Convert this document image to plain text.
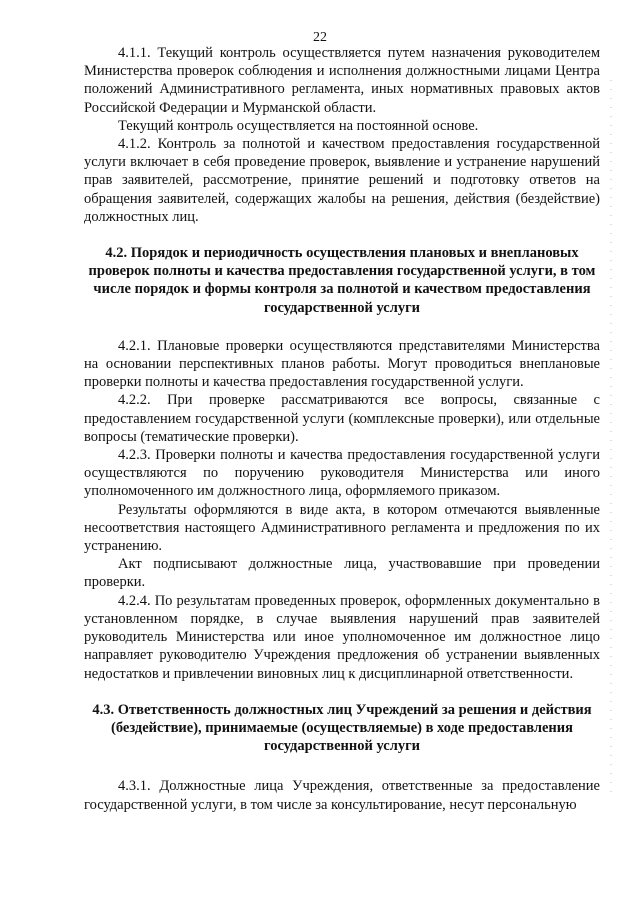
22

4.1.1. Текущий контроль осуществляется путем назначения руководителем Министерства проверок соблюдения и исполнения должностными лицами Центра положений Административного регламента, иных нормативных правовых актов Российской Федерации и Мурманской области.

Текущий контроль осуществляется на постоянной основе.

4.1.2. Контроль за полнотой и качеством предоставления государственной услуги включает в себя проведение проверок, выявление и устранение нарушений прав заявителей, рассмотрение, принятие решений и подготовку ответов на обращения заявителей, содержащих жалобы на решения, действия (бездействие) должностных лиц.

4.2. Порядок и периодичность осуществления плановых и внеплановых проверок полноты и качества предоставления государственной услуги, в том числе порядок и формы контроля за полнотой и качеством предоставления государственной услуги

4.2.1. Плановые проверки осуществляются представителями Министерства на основании перспективных планов работы. Могут проводиться внеплановые проверки полноты и качества предоставления государственной услуги.

4.2.2. При проверке рассматриваются все вопросы, связанные с предоставлением государственной услуги (комплексные проверки), или отдельные вопросы (тематические проверки).

4.2.3. Проверки полноты и качества предоставления государственной услуги осуществляются по поручению руководителя Министерства или иного уполномоченного им должностного лица, оформляемого приказом.

Результаты оформляются в виде акта, в котором отмечаются выявленные несоответствия настоящего Административного регламента и предложения по их устранению.

Акт подписывают должностные лица, участвовавшие при проведении проверки.

4.2.4. По результатам проведенных проверок, оформленных документально в установленном порядке, в случае выявления нарушений прав заявителей руководитель Министерства или иное уполномоченное им должностное лицо направляет руководителю Учреждения предложения об устранении выявленных недостатков и привлечении виновных лиц к дисциплинарной ответственности.

4.3. Ответственность должностных лиц Учреждений за решения и действия (бездействие), принимаемые (осуществляемые) в ходе предоставления государственной услуги

4.3.1. Должностные лица Учреждения, ответственные за предоставление государственной услуги, в том числе за консультирование, несут персональную
